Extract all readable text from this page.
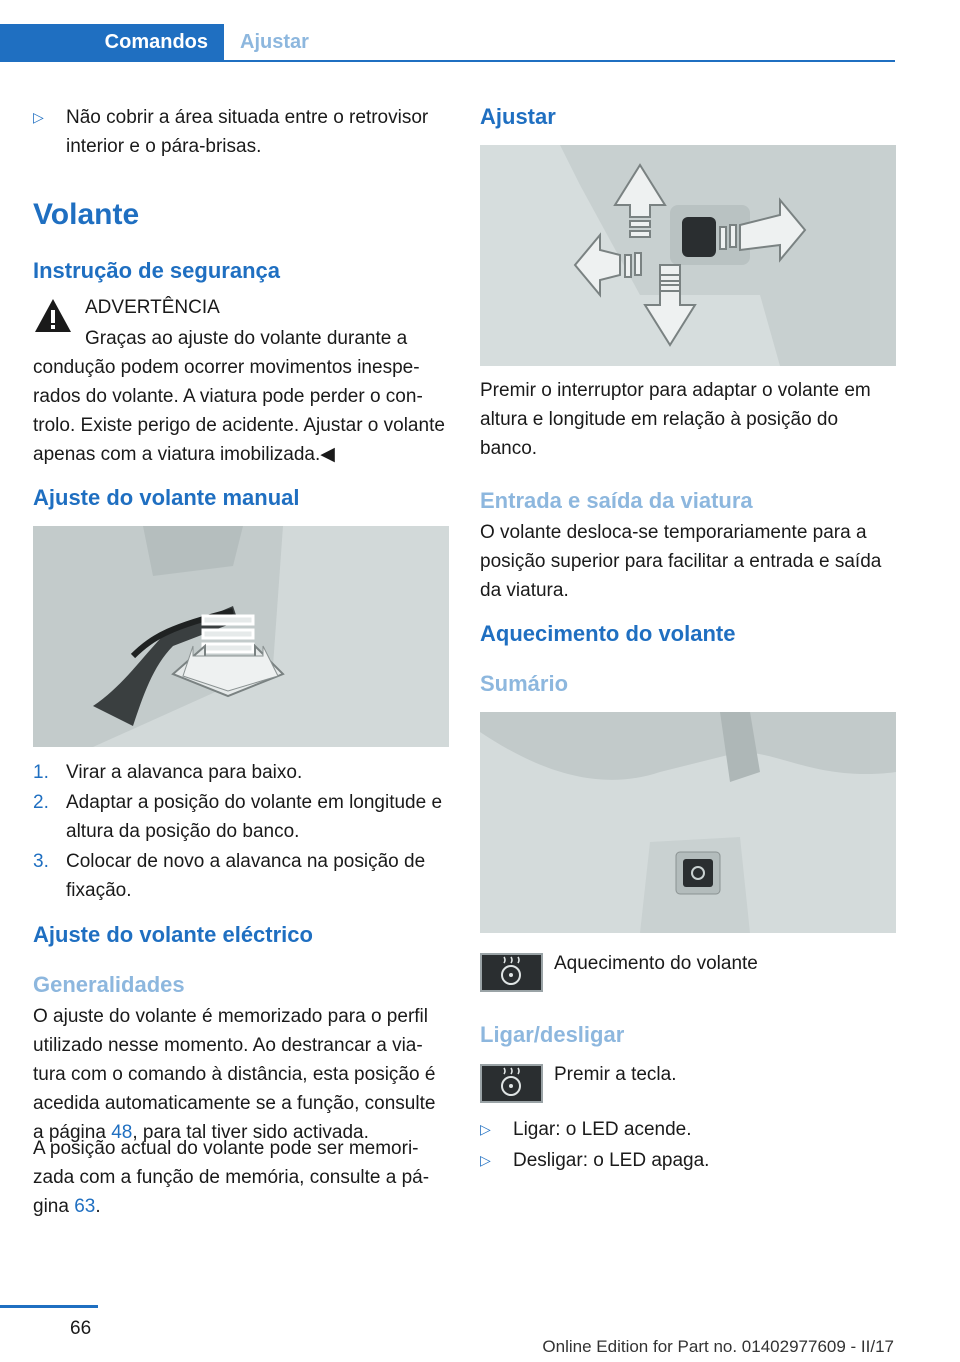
Comandos	Ajustar
▷ Não cobrir a área situada entre o retrovisor interior e o pára-brisas.
Volante
Instrução de segurança
ADVERTÊNCIA
Graças ao ajuste do volante durante a
condução podem ocorrer movimentos inesperados do volante. A viatura pode perder o controlo. Existe perigo de acidente. Ajustar o volante apenas com a viatura imobilizada.◀
Ajuste do volante manual
1. Virar a alavanca para baixo.
2. Adaptar a posição do volante em longitude e altura da posição do banco.
3. Colocar de novo a alavanca na posição de fixação.
Ajuste do volante eléctrico
Generalidades
O ajuste do volante é memorizado para o perfil utilizado nesse momento. Ao destrancar a viatura com o comando à distância, esta posição é acedida automaticamente se a função, consulte a página 48, para tal tiver sido activada.
A posição actual do volante pode ser memorizada com a função de memória, consulte a página 63.
Ajustar
Premir o interruptor para adaptar o volante em altura e longitude em relação à posição do banco.
Entrada e saída da viatura
O volante desloca-se temporariamente para a posição superior para facilitar a entrada e saída da viatura.
Aquecimento do volante
Sumário
Aquecimento do volante
Ligar/desligar
Premir a tecla.
▷ Ligar: o LED acende.
▷ Desligar: o LED apaga.
66
Online Edition for Part no. 01402977609 - II/17
